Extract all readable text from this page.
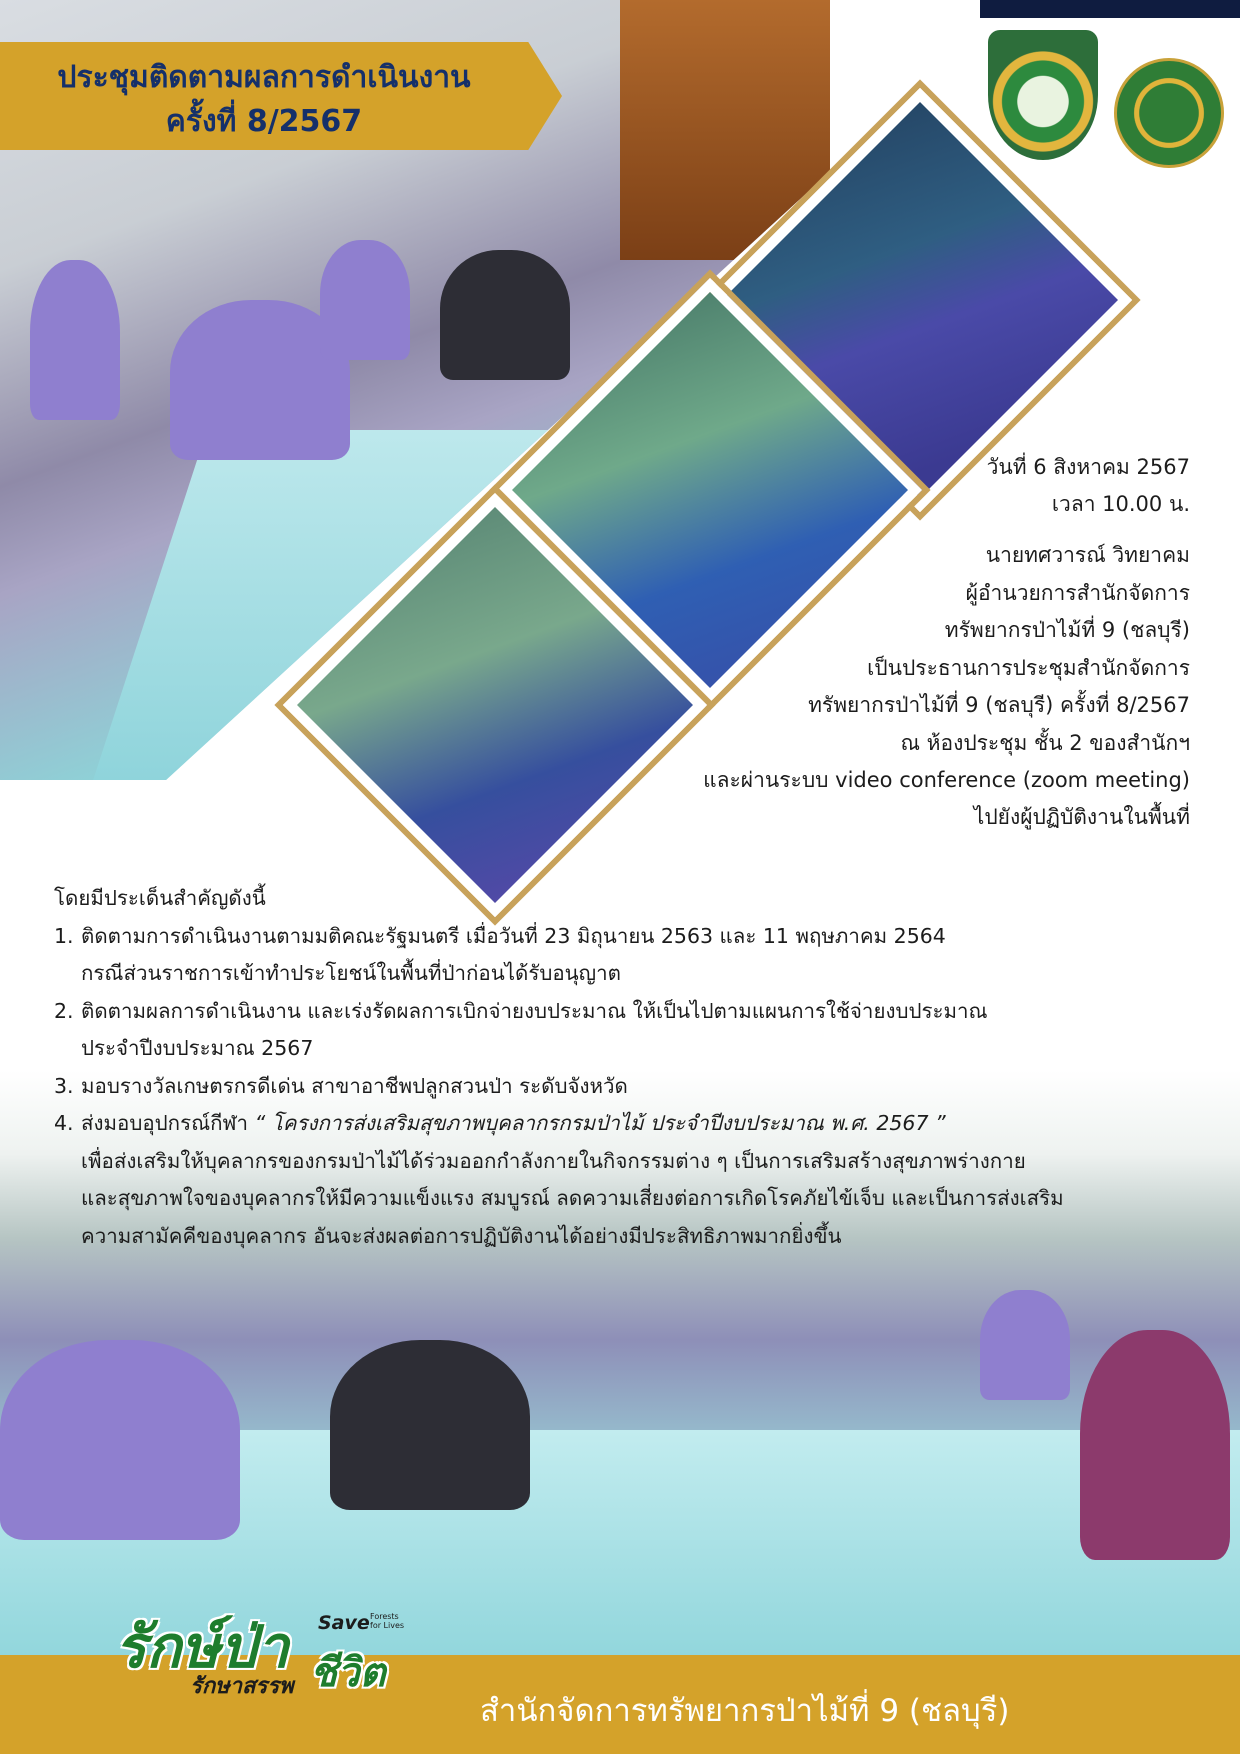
ประชุมติดตามผลการดำเนินงาน
ครั้งที่ 8/2567
วันที่ 6 สิงหาคม 2567
เวลา 10.00 น.
นายทศวารณ์ วิทยาคม
ผู้อำนวยการสำนักจัดการ
ทรัพยากรป่าไม้ที่ 9 (ชลบุรี)
เป็นประธานการประชุมสำนักจัดการ
ทรัพยากรป่าไม้ที่ 9 (ชลบุรี) ครั้งที่ 8/2567
ณ ห้องประชุม ชั้น 2 ของสำนักฯ
และผ่านระบบ video conference (zoom meeting)
ไปยังผู้ปฏิบัติงานในพื้นที่
โดยมีประเด็นสำคัญดังนี้
1. ติดตามการดำเนินงานตามมติคณะรัฐมนตรี เมื่อวันที่ 23 มิถุนายน 2563 และ 11 พฤษภาคม 2564
กรณีส่วนราชการเข้าทำประโยชน์ในพื้นที่ป่าก่อนได้รับอนุญาต
2. ติดตามผลการดำเนินงาน และเร่งรัดผลการเบิกจ่ายงบประมาณ ให้เป็นไปตามแผนการใช้จ่ายงบประมาณ
ประจำปีงบประมาณ 2567
3. มอบรางวัลเกษตรกรดีเด่น สาขาอาชีพปลูกสวนป่า ระดับจังหวัด
4. ส่งมอบอุปกรณ์กีฬา “ โครงการส่งเสริมสุขภาพบุคลากรกรมป่าไม้ ประจำปีงบประมาณ พ.ศ. 2567 ”
เพื่อส่งเสริมให้บุคลากรของกรมป่าไม้ได้ร่วมออกกำลังกายในกิจกรรมต่าง ๆ เป็นการเสริมสร้างสุขภาพร่างกาย
และสุขภาพใจของบุคลากรให้มีความแข็งแรง สมบูรณ์ ลดความเสี่ยงต่อการเกิดโรคภัยไข้เจ็บ และเป็นการส่งเสริม
ความสามัคคีของบุคลากร อันจะส่งผลต่อการปฏิบัติงานได้อย่างมีประสิทธิภาพมากยิ่งขึ้น
รักษ์ป่า Save Forests for Lives
ชีวิต
รักษาสรรพ
สำนักจัดการทรัพยากรป่าไม้ที่ 9 (ชลบุรี)
